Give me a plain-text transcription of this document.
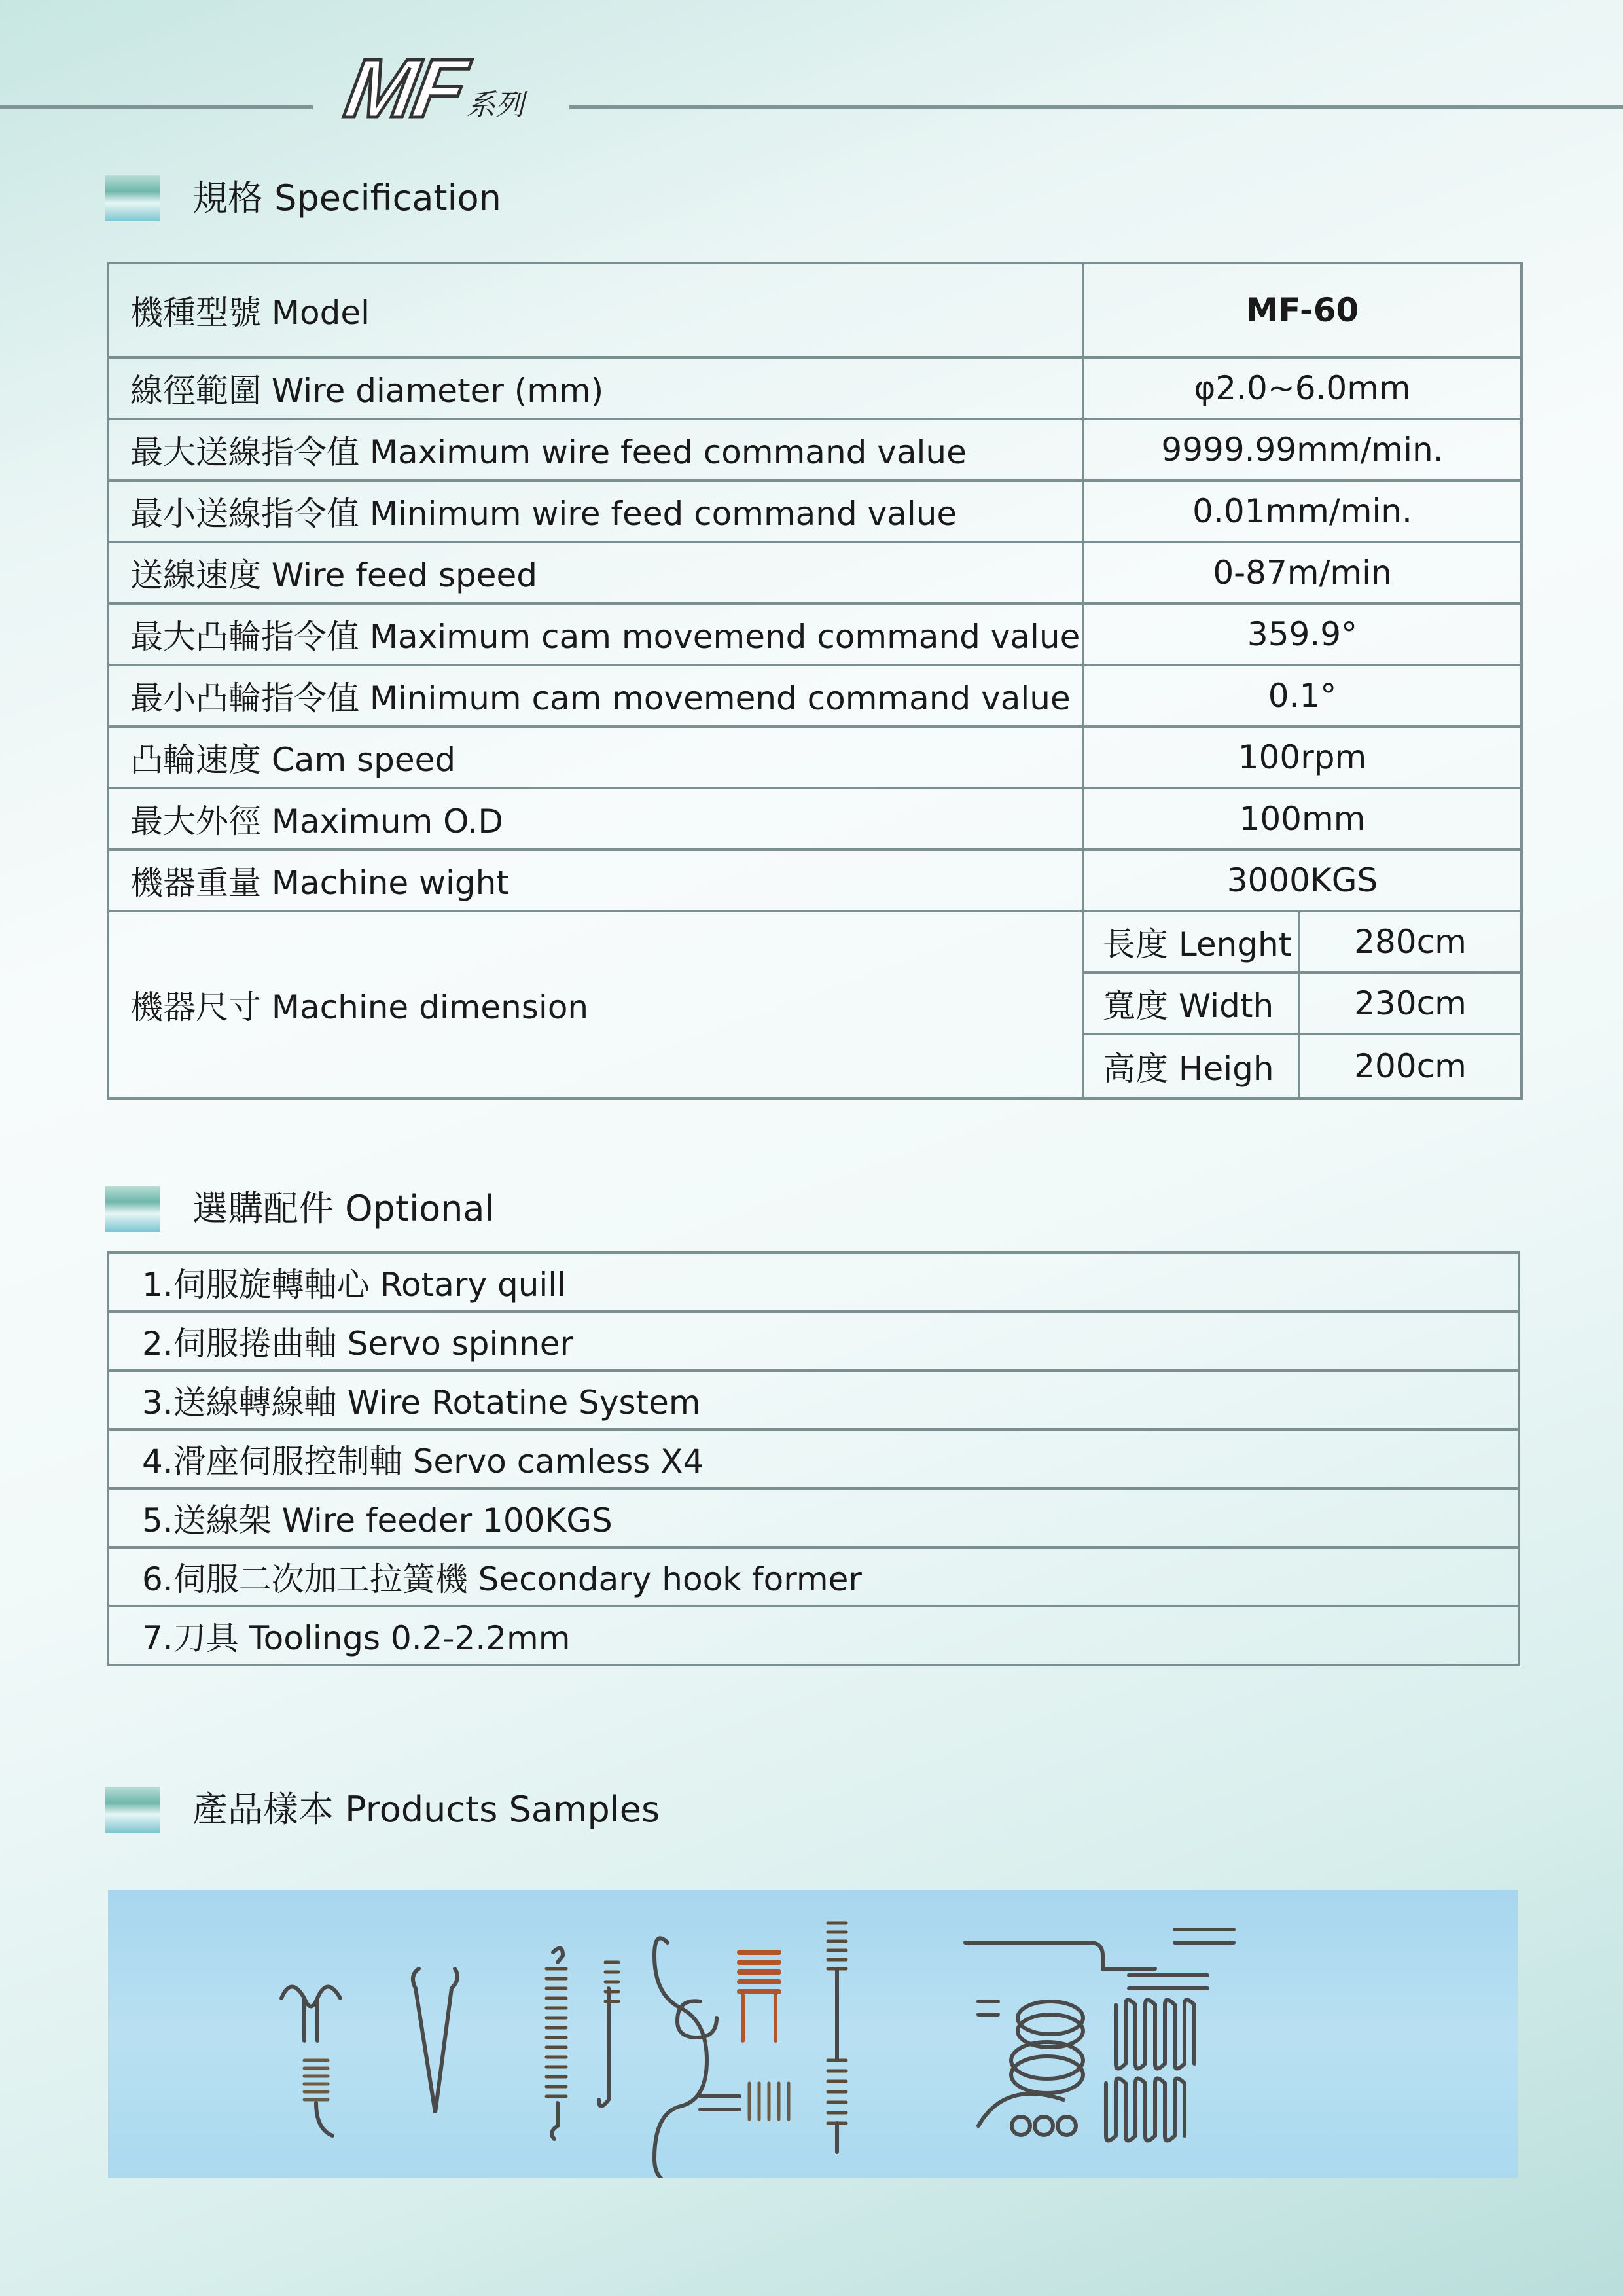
MF
系列
規格 Specification
機種型號 Model	MF-60	
線徑範圍 Wire diameter (mm)	φ2.0~6.0mm	
最大送線指令值 Maximum wire feed command value	9999.99mm/min.	
最小送線指令值 Minimum wire feed command value	0.01mm/min.	
送線速度 Wire feed speed	0-87m/min	
最大凸輪指令值 Maximum cam movemend command value	359.9°	
最小凸輪指令值 Minimum cam movemend command value	0.1°	
凸輪速度 Cam speed	100rpm	
最大外徑 Maximum O.D	100mm	
機器重量 Machine wight	3000KGS	
機器尺寸 Machine dimension	長度 Lenght	280cm
	寬度 Width	230cm
	高度 Heigh	200cm
選購配件 Optional
1.伺服旋轉軸心 Rotary quill
2.伺服捲曲軸 Servo spinner
3.送線轉線軸 Wire Rotatine System
4.滑座伺服控制軸 Servo camless X4
5.送線架 Wire feeder 100KGS
6.伺服二次加工拉簧機 Secondary hook former
7.刀具 Toolings 0.2-2.2mm
產品樣本 Products Samples
